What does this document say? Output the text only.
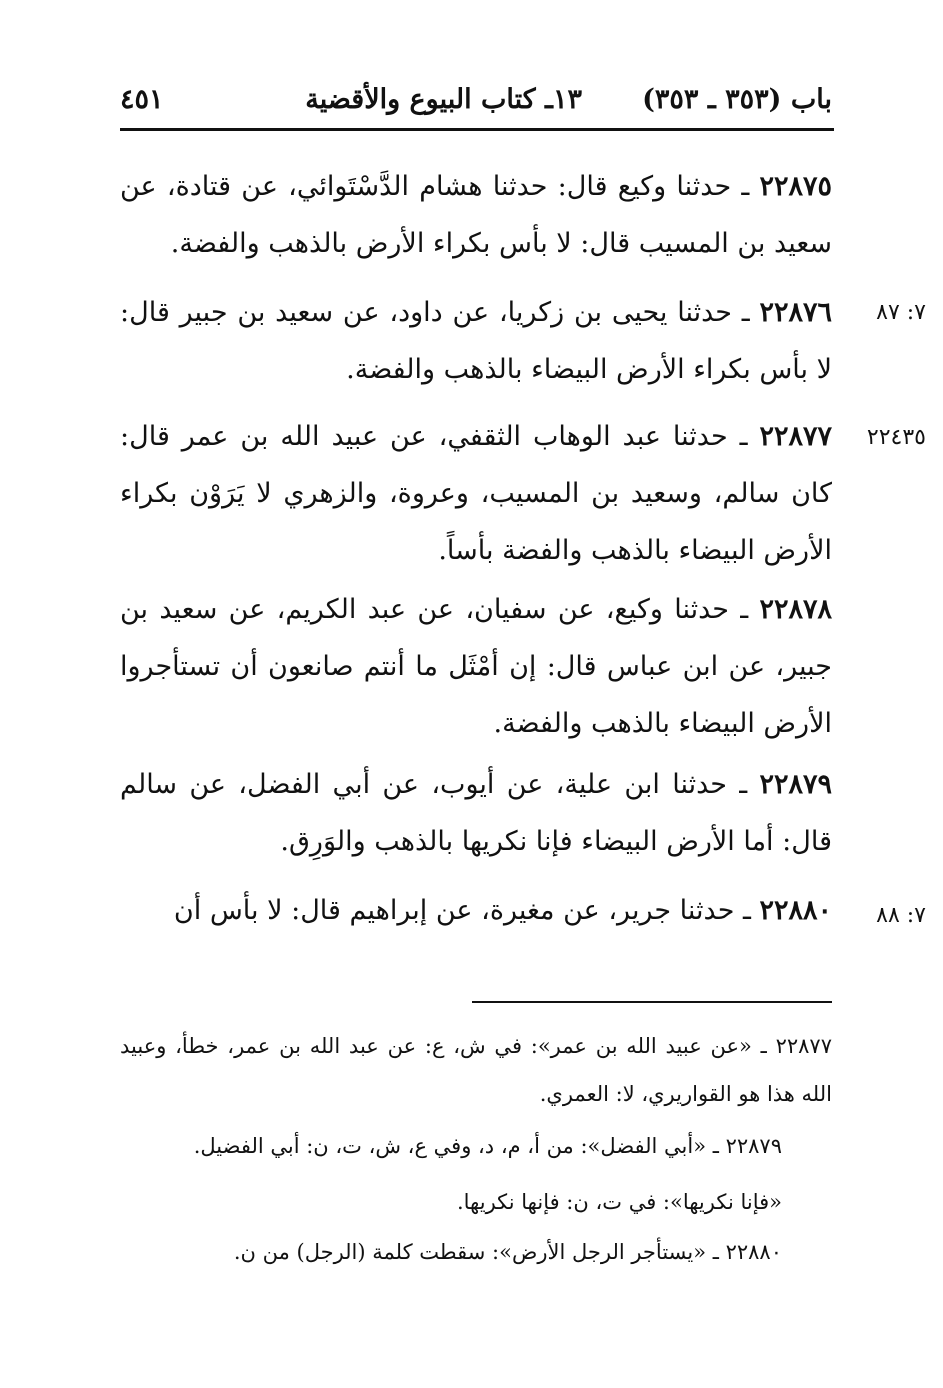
باب (٣٥٣ ـ ٣٥٣)
١٣ـ كتاب البيوع والأقضية
٤٥١
٢٢٨٧٥ ـ حدثنا وكيع قال: حدثنا هشام الدَّسْتَوائي، عن قتادة، عن سعيد بن المسيب قال: لا بأس بكراء الأرض بالذهب والفضة.
٧: ٨٧
٢٢٨٧٦ ـ حدثنا يحيى بن زكريا، عن داود، عن سعيد بن جبير قال: لا بأس بكراء الأرض البيضاء بالذهب والفضة.
٢٢٤٣٥
٢٢٨٧٧ ـ حدثنا عبد الوهاب الثقفي، عن عبيد الله بن عمر قال: كان سالم، وسعيد بن المسيب، وعروة، والزهري لا يَرَوْن بكراء الأرض البيضاء بالذهب والفضة بأساً.
٢٢٨٧٨ ـ حدثنا وكيع، عن سفيان، عن عبد الكريم، عن سعيد بن جبير، عن ابن عباس قال: إن أمْثَل ما أنتم صانعون أن تستأجروا الأرض البيضاء بالذهب والفضة.
٢٢٨٧٩ ـ حدثنا ابن علية، عن أيوب، عن أبي الفضل، عن سالم قال: أما الأرض البيضاء فإنا نكريها بالذهب والوَرِق.
٧: ٨٨
٢٢٨٨٠ ـ حدثنا جرير، عن مغيرة، عن إبراهيم قال: لا بأس أن
٢٢٨٧٧ ـ «عن عبيد الله بن عمر»: في ش، ع: عن عبد الله بن عمر، خطأ، وعبيد الله هذا هو القواريري، لا: العمري.
٢٢٨٧٩ ـ «أبي الفضل»: من أ، م، د، وفي ع، ش، ت، ن: أبي الفضيل.
«فإنا نكريها»: في ت، ن: فإنها نكريها.
٢٢٨٨٠ ـ «يستأجر الرجل الأرض»: سقطت كلمة (الرجل) من ن.
